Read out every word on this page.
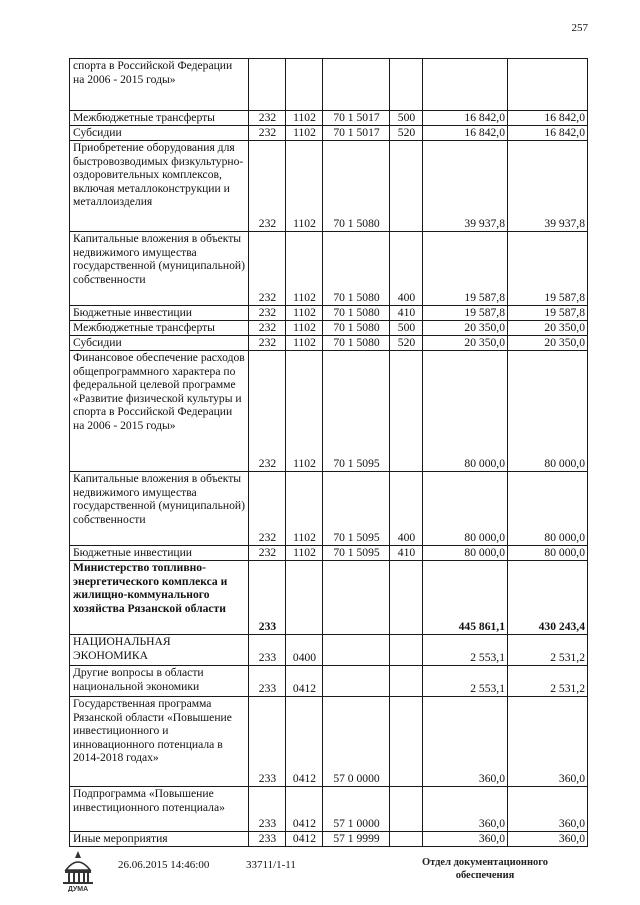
257
спорта в Российской Федерации на 2006 - 2015 годы»						
Межбюджетные трансферты	232	1102	70 1 5017	500	16 842,0	16 842,0
Субсидии	232	1102	70 1 5017	520	16 842,0	16 842,0
Приобретение оборудования для быстровозводимых физкультурно-оздоровительных комплексов, включая металлоконструкции и металлоизделия	232	1102	70 1 5080		39 937,8	39 937,8
Капитальные вложения в объекты недвижимого имущества государственной (муниципальной) собственности	232	1102	70 1 5080	400	19 587,8	19 587,8
Бюджетные инвестиции	232	1102	70 1 5080	410	19 587,8	19 587,8
Межбюджетные трансферты	232	1102	70 1 5080	500	20 350,0	20 350,0
Субсидии	232	1102	70 1 5080	520	20 350,0	20 350,0
Финансовое обеспечение расходов общепрограммного характера по федеральной целевой программе «Развитие физической культуры и спорта в Российской Федерации на 2006 - 2015 годы»	232	1102	70 1 5095		80 000,0	80 000,0
Капитальные вложения в объекты недвижимого имущества государственной (муниципальной) собственности	232	1102	70 1 5095	400	80 000,0	80 000,0
Бюджетные инвестиции	232	1102	70 1 5095	410	80 000,0	80 000,0
Министерство топливно-энергетического комплекса и жилищно-коммунального хозяйства Рязанской области	233				445 861,1	430 243,4
НАЦИОНАЛЬНАЯ ЭКОНОМИКА	233	0400			2 553,1	2 531,2
Другие вопросы в области национальной экономики	233	0412			2 553,1	2 531,2
Государственная программа Рязанской области «Повышение инвестиционного и инновационного потенциала в 2014-2018 годах»	233	0412	57 0 0000		360,0	360,0
Подпрограмма «Повышение инвестиционного потенциала»	233	0412	57 1 0000		360,0	360,0
Иные мероприятия	233	0412	57 1 9999		360,0	360,0
ДУМА
26.06.2015 14:46:00	33711/1-11	Отдел документационного обеспечения
